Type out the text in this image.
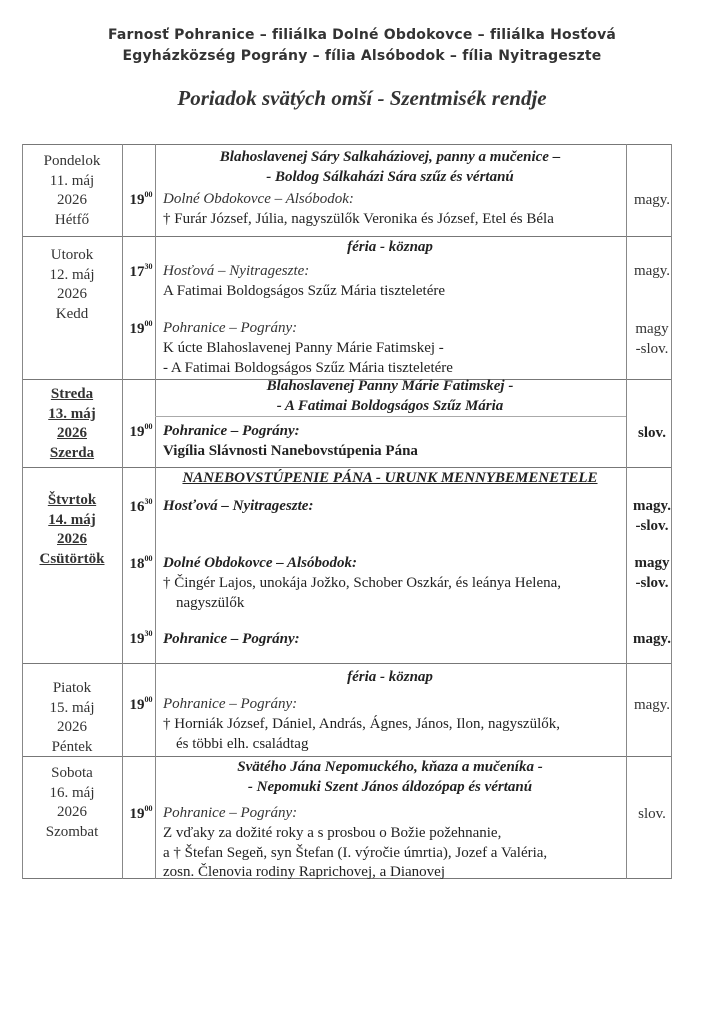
Farnosť Pohranice – filiálka Dolné Obdokovce – filiálka Hosťová
Egyházközség Pográny – fília Alsóbodok – fília Nyitrageszte
Poriadok svätých omší - Szentmisék rendje
Pondelok
11. máj
2026
Hétfő
Blahoslavenej Sáry Salkaháziovej, panny a mučenice –
- Boldog Sálkaházi Sára szűz és vértanú
$19^{00}$ Dolné Obdokovce – Alsóbodok:
† Furár József, Júlia, nagyszülők Veronika és József, Etel és Béla
magy.
Utorok
12. máj
2026
Kedd
féria - köznap
$17^{30}$ Hosťová – Nyitrageszte:
A Fatimai Boldogságos Szűz Mária tiszteletére
magy.
$19^{00}$ Pohranice – Pográny:
K úcte Blahoslavenej Panny Márie Fatimskej -
- A Fatimai Boldogságos Szűz Mária tiszteletére
magy
-slov.
Streda
13. máj
2026
Szerda
Blahoslavenej Panny Márie Fatimskej -
- A Fatimai Boldogságos Szűz Mária
$19^{00}$ Pohranice – Pográny:
Vigília Slávnosti Nanebovstúpenia Pána
slov.
Štvrtok
14. máj
2026
Csütörtök
NANEBOVSTÚPENIE PÁNA - URUNK MENNYBEMENETELE
$16^{30}$ Hosťová – Nyitrageszte:	magy.
-slov.
$18^{00}$ Dolné Obdokovce – Alsóbodok:
† Čingér Lajos, unokája Jožko, Schober Oszkár, és leánya Helena,
nagyszülők
magy
-slov.
$19^{30}$ Pohranice – Pográny:	magy.
Piatok
15. máj
2026
Péntek
féria - köznap
$19^{00}$ Pohranice – Pográny:
† Horniák József, Dániel, András, Ágnes, János, Ilon, nagyszülők,
és többi elh. családtag
magy.
Sobota
16. máj
2026
Szombat
Svätého Jána Nepomuckého, kňaza a mučeníka -
- Nepomuki Szent János áldozópap és vértanú
$19^{00}$ Pohranice – Pográny:
Z vďaky za dožité roky a s prosbou o Božie požehnanie,
a † Štefan Segeň, syn Štefan (I. výročie úmrtia), Jozef a Valéria,
zosn. Členovia rodiny Raprichovej, a Dianovej
slov.
